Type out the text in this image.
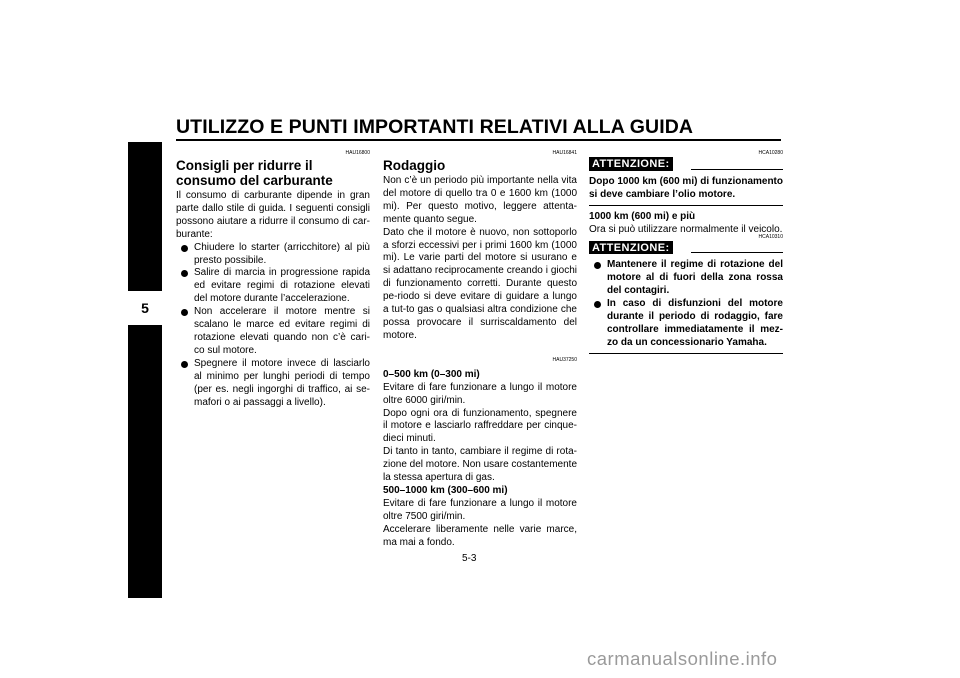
UTILIZZO E PUNTI IMPORTANTI RELATIVI ALLA GUIDA
5
HAU16800
Consigli per ridurre il consumo del carburante

Il consumo di carburante dipende in gran parte dallo stile di guida. I seguenti consigli possono aiutare a ridurre il consumo di car-burante:

Chiudere lo starter (arricchitore) al più presto possibile.
Salire di marcia in progressione rapida ed evitare regimi di rotazione elevati del motore durante l’accelerazione.
Non accelerare il motore mentre si scalano le marce ed evitare regimi di rotazione elevati quando non c’è cari-co sul motore.
Spegnere il motore invece di lasciarlo al minimo per lunghi periodi di tempo (per es. negli ingorghi di traffico, ai se-mafori o ai passaggi a livello).
HAU16841
Rodaggio

Non c’è un periodo più importante nella vita del motore di quello tra 0 e 1600 km (1000 mi). Per questo motivo, leggere attenta-mente quanto segue.

Dato che il motore è nuovo, non sottoporlo a sforzi eccessivi per i primi 1600 km (1000 mi). Le varie parti del motore si usurano e si adattano reciprocamente creando i giochi di funzionamento corretti. Durante questo pe-riodo si deve evitare di guidare a lungo a tut-to gas o qualsiasi altra condizione che possa provocare il surriscaldamento del motore.

HAU37250

0–500 km (0–300 mi)

Evitare di fare funzionare a lungo il motore oltre 6000 giri/min.

Dopo ogni ora di funzionamento, spegnere il motore e lasciarlo raffreddare per cinque-dieci minuti.

Di tanto in tanto, cambiare il regime di rota-zione del motore. Non usare costantemente la stessa apertura di gas.

500–1000 km (300–600 mi)

Evitare di fare funzionare a lungo il motore oltre 7500 giri/min.

Accelerare liberamente nelle varie marce, ma mai a fondo.

HCA10280
ATTENZIONE:

Dopo 1000 km (600 mi) di funzionamento si deve cambiare l’olio motore.

1000 km (600 mi) e più

Ora si può utilizzare normalmente il veicolo.

HCA10310
ATTENZIONE:
Mantenere il regime di rotazione del motore al di fuori della zona rossa del contagiri.
In caso di disfunzioni del motore durante il periodo di rodaggio, fare controllare immediatamente il mez-zo da un concessionario Yamaha.
5-3
carmanualsonline.info
